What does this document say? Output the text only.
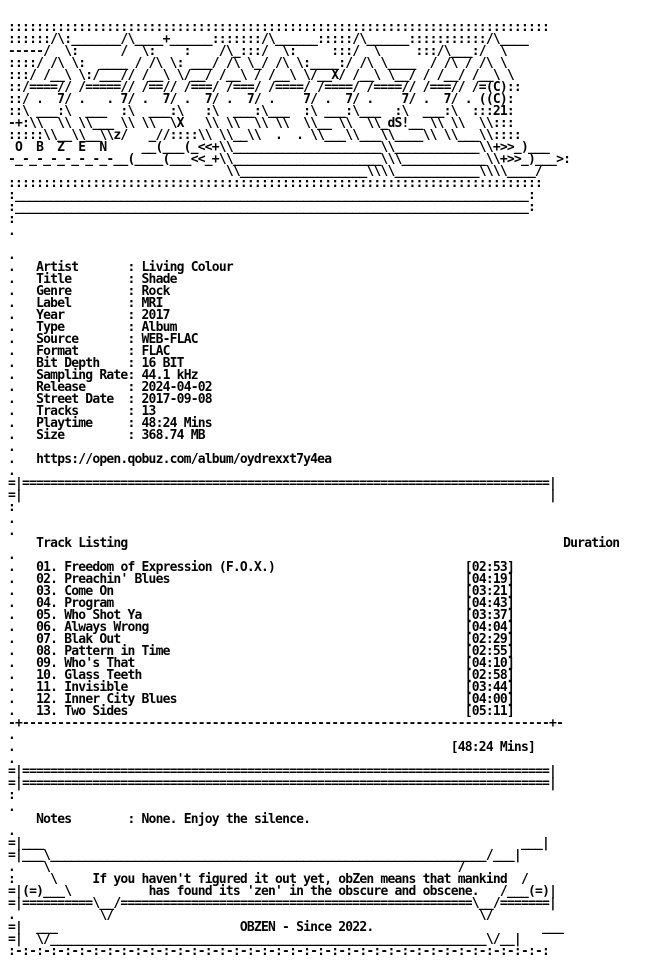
:::::::::::::::::::::::::::::::::::::::::::::::::::::::::::::::::::::::::::::
::::::/\:_______/\____+______:::::::/\______:::::/\______:::::::::::/\____
-----/  \:      /  \:    :    /\_:::/  \:     :::/  \     :::/\___:/  \
::::/ /\ \:  ____ / /\ \: ___/ /\ \_/ /\ \:____:/ /\ \____  / /\ / /\ \
:::/ /__\ \:/___// /__\ \/__/ /__\ / /__\ \/__X/ /__\ \__/ / /__/ /__\ \
::/====// /=====// /==// /===/ /===/ /====/ /====/ /====// /===// /=(C)::
::/ .  7/ .   . 7/ .  7/ .  7/ .  7/ .    7/ .  7/ .    7/ .  7/ . ((C):
::\ ___:\  ___  :\  ___:\   :\  ___:\___  :\ ___:\___  :\  ___:\  :::21:
-+:\\  \\ \\___ \\ \\  \X   \\ \\  \\ \\  \\__ \\  \\_dS!__ \\ \\  \\:::
:::::\\__\\__\\z/   _//::::\\ \\__\\  .  . \\___\\___\\____\\ \\___\\::::
O  B  Z  E  N     __(___(_<<+\\_____________________\\____________\\+>>_)___
-_-_-_-_-_-_-_-__(____(___<<_+\\_____________________\\\____________\\+>>_)___>:
\\__________________\\\\____________\\\\____/
::::::::::::::::::::::::::::::::::::::::::::::::::::::::::::::::::::::::::::
:_________________________________________________________________________:
:_________________________________________________________________________:
:
.

.
.   Artist       : Living Colour
.   Title        : Shade
.   Genre        : Rock
.   Label        : MRI
.   Year         : 2017
.   Type         : Album
.   Source       : WEB-FLAC
.   Format       : FLAC
.   Bit Depth    : 16 BIT
.   Sampling Rate: 44.1 kHz
.   Release      : 2024-04-02
.   Street Date  : 2017-09-08
.   Tracks       : 13
.   Playtime     : 48:24 Mins
.   Size         : 368.74 MB
.
.   https://open.qobuz.com/album/oydrexxt7y4ea
.
=|===========================================================================|
=|                                                                           |
:
.
.
Track Listing	Duration
.
.   01. Freedom of Expression (F.O.X.)	[02:53]
.   02. Preachin' Blues	[04:19]
.   03. Come On	[03:21]
.   04. Program	[04:43]
.   05. Who Shot Ya	[03:37]
.   06. Always Wrong	[04:04]
.   07. Blak Out	[02:29]
.   08. Pattern in Time	[02:55]
.   09. Who's That	[04:10]
.   10. Glass Teeth	[02:58]
.   11. Invisible	[03:44]
.   12. Inner City Blues	[04:00]
.   13. Two Sides	[05:11]
-+---------------------------------------------------------------------------+-
.
.                                                              [48:24 Mins]
.
=|===========================================================================|
=|===========================================================================|
:
.
Notes	: None. Enjoy the silence.
.
=|___                                                                    ___|
=|___\______________________________________________________________/___|
.    \                                                          /
:     \     If you haven't figured it out yet, obZen means that mankind  /
=|(=)___\           has found its 'zen' in the obscure and obscene.   /___(=)|
=|==========\__/==================================================\__/=======|
.            \/                                                    \/
=|  ___                          OBZEN - Since 2022.                        ___
=|  \/______________________________________________________________\/__|
:-:-:-:-:-:-:-:-:-:-:-:-:-:-:-:-:-:-:-:-:-:-:-:-:-:-:-:-:-:-:-:-:-:-:-:-:-:-:
